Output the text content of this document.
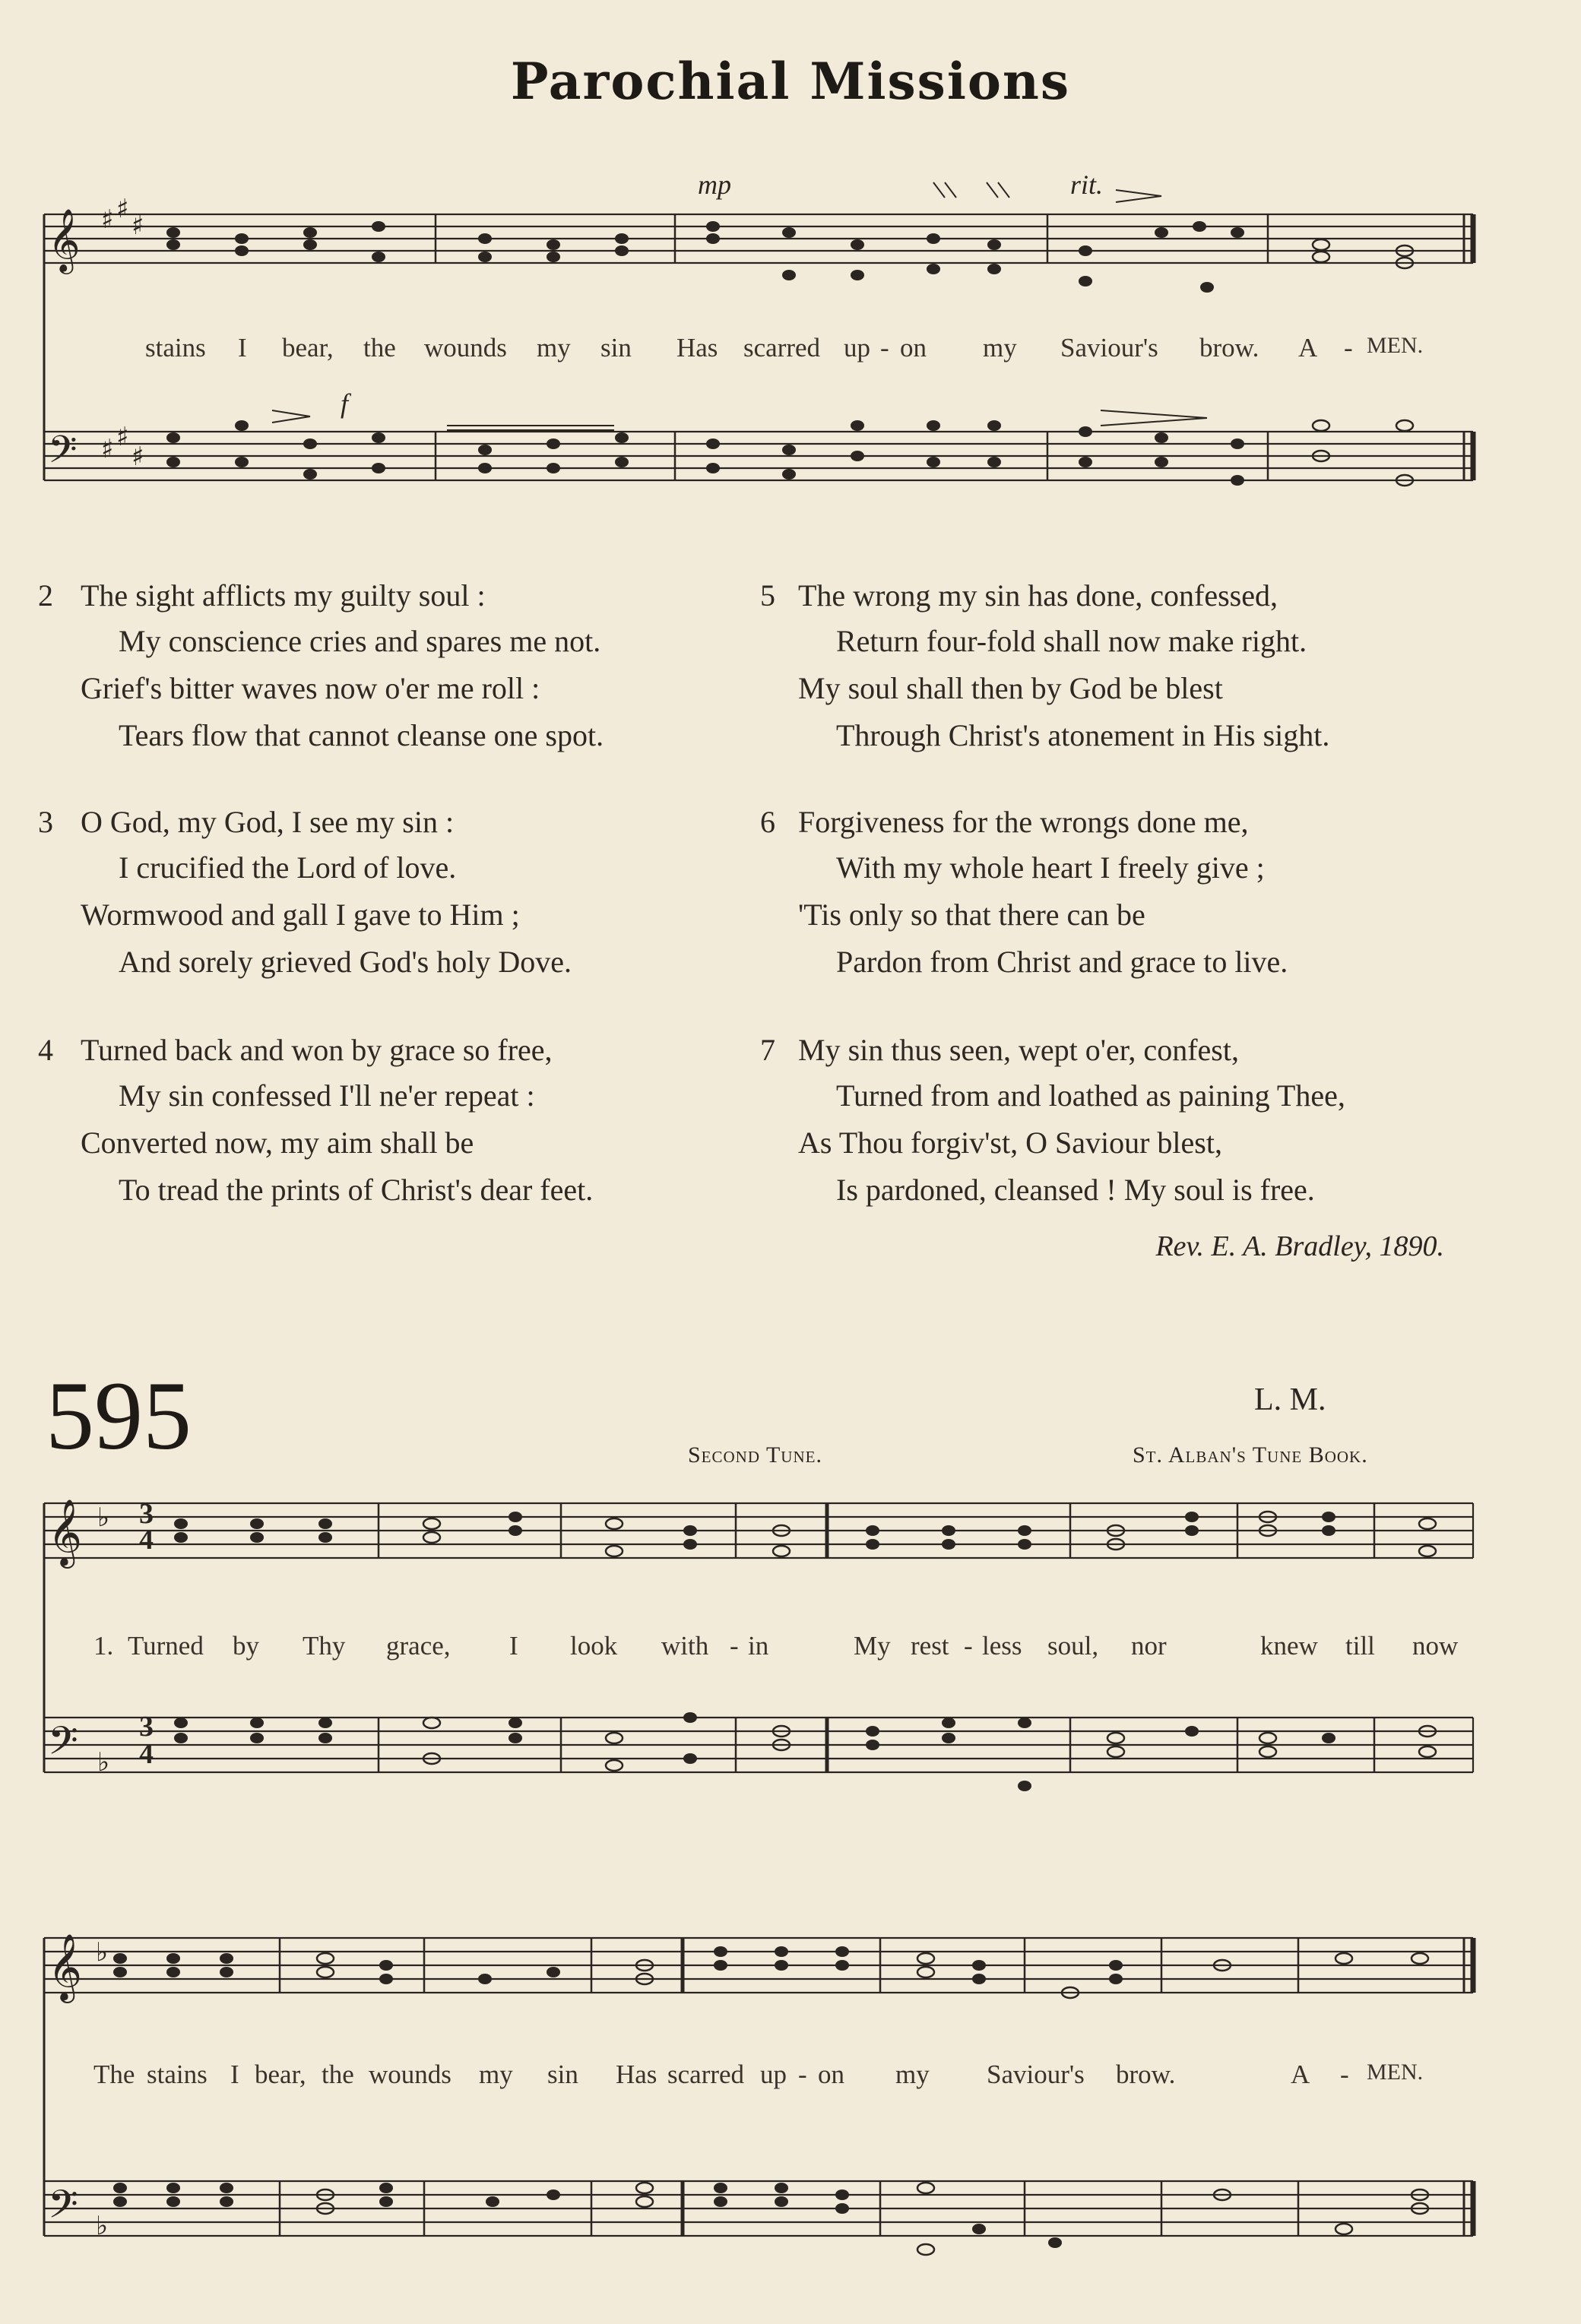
Parochial Missions
𝄞
𝄢
♯ ♯
♯
♯ ♯
♯
mp
f
rit.
stains I bear, the wounds my sin Has scarred up - on my Saviour's brow. A - MEN.
2 The sight afflicts my guilty soul :
My conscience cries and spares me not.
Grief's bitter waves now o'er me roll :
Tears flow that cannot cleanse one spot.
3 O God, my God, I see my sin :
I crucified the Lord of love.
Wormwood and gall I gave to Him ;
And sorely grieved God's holy Dove.
4 Turned back and won by grace so free,
My sin confessed I'll ne'er repeat :
Converted now, my aim shall be
To tread the prints of Christ's dear feet.
5 The wrong my sin has done, confessed,
Return four-fold shall now make right.
My soul shall then by God be blest
Through Christ's atonement in His sight.
6 Forgiveness for the wrongs done me,
With my whole heart I freely give ;
'Tis only so that there can be
Pardon from Christ and grace to live.
7 My sin thus seen, wept o'er, confest,
Turned from and loathed as paining Thee,
As Thou forgiv'st, O Saviour blest,
Is pardoned, cleansed ! My soul is free.
Rev. E. A. Bradley, 1890.
595	L. M.
Second Tune.	St. Alban's Tune Book.
𝄞
𝄢
♭
♭
3
4
3
4
1. Turned by Thy grace, I look with - in	My rest - less soul, nor	knew till now
𝄞
𝄢
♭
♭
The stains I bear, the wounds my sin Has scarred up - on my Saviour's brow.	A - MEN.
